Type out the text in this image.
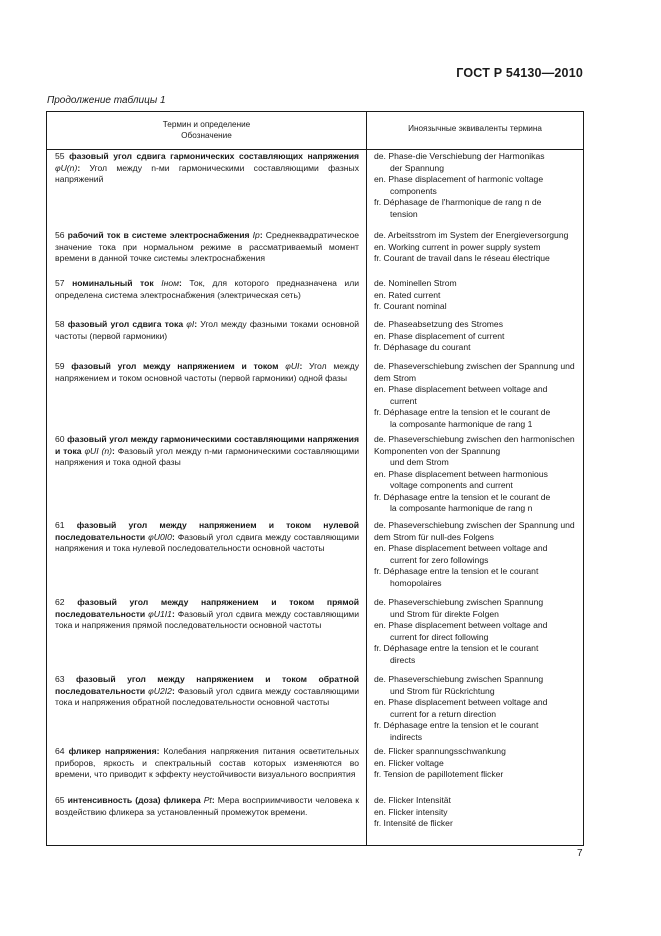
ГОСТ Р 54130—2010
Продолжение таблицы 1
Термин и определение
Обозначение
Иноязычные эквиваленты термина
55 фазовый угол сдвига гармонических составляющих напряжения φU(n): Угол между n-ми гармоническими составляющими фазных напряжений
de. Phase-die Verschiebung der Harmonikas
der Spannung
en. Phase displacement of harmonic voltage
components
fr. Déphasage de l'harmonique de rang n de
tension
56 рабочий ток в системе электроснабжения Iр: Среднеквадратическое значение тока при нормальном режиме в рассматриваемый момент времени в данной точке системы электроснабжения
de. Arbeitsstrom im System der Energieversorgung
en. Working current in power supply system
fr. Courant de travail dans le réseau électrique
57 номинальный ток Iном: Ток, для которого предназначена или определена система электроснабжения (электрическая сеть)
de. Nominellen Strom
en. Rated current
fr. Courant nominal
58 фазовый угол сдвига тока φI: Угол между фазными токами основной частоты (первой гармоники)
de. Phaseabsetzung des Stromes
en. Phase displacement of current
fr. Déphasage du courant
59 фазовый угол между напряжением и током φUI: Угол между напряжением и током основной частоты (первой гармоники) одной фазы
de. Phaseverschiebung zwischen der Spannung und dem Strom
en. Phase displacement between voltage and
current
fr. Déphasage entre la tension et le courant de
la composante harmonique de rang 1
60 фазовый угол между гармоническими составляющими напряжения и тока φUI (n): Фазовый угол между n-ми гармоническими составляющими напряжения и тока одной фазы
de. Phaseverschiebung zwischen den harmonischen Komponenten von der Spannung
und dem Strom
en. Phase displacement between harmonious
voltage components and current
fr. Déphasage entre la tension et le courant de
la composante harmonique de rang n
61 фазовый угол между напряжением и током нулевой последовательности φU0I0: Фазовый угол сдвига между составляющими напряжения и тока нулевой последовательности основной частоты
de. Phaseverschiebung zwischen der Spannung und dem Strom für null-des Folgens
en. Phase displacement between voltage and
current for zero followings
fr. Déphasage entre la tension et le courant
homopolaires
62 фазовый угол между напряжением и током прямой последовательности φU1I1: Фазовый угол сдвига между составляющими тока и напряжения прямой последовательности основной частоты
de. Phaseverschiebung zwischen Spannung
und Strom für direkte Folgen
en. Phase displacement between voltage and
current for direct following
fr. Déphasage entre la tension et le courant
directs
63 фазовый угол между напряжением и током обратной последовательности φU2I2: Фазовый угол сдвига между составляющими тока и напряжения обратной последовательности основной частоты
de. Phaseverschiebung zwischen Spannung
und Strom für Rückrichtung
en. Phase displacement between voltage and
current for a return direction
fr. Déphasage entre la tension et le courant
indirects
64 фликер напряжения: Колебания напряжения питания осветительных приборов, яркость и спектральный состав которых изменяются во времени, что приводит к эффекту неустойчивости визуального восприятия
de. Flicker spannungsschwankung
en. Flicker voltage
fr. Tension de papillotement flicker
65 интенсивность (доза) фликера Pt: Мера восприимчивости человека к воздействию фликера за установленный промежуток времени.
de. Flicker Intensität
en. Flicker intensity
fr. Intensité de flicker
7
